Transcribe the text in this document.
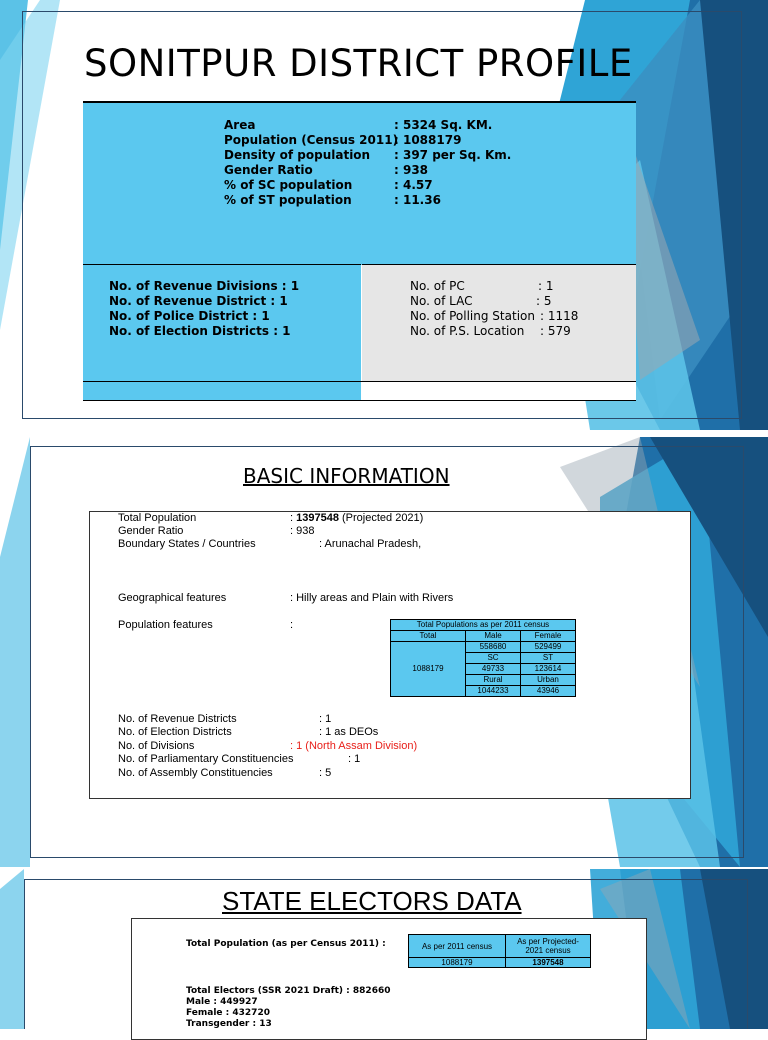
SONITPUR DISTRICT PROFILE
Area	: 5324 Sq. KM.
Population (Census 2011): 1088179
Density of population : 397 per Sq. Km.
Gender Ratio	: 938
% of SC population	: 4.57
% of ST population	: 11.36
No. of Revenue Divisions : 1
No. of Revenue District : 1
No. of Police District : 1
No. of Election Districts : 1
No. of PC	: 1
No. of LAC	: 5
No. of Polling Station : 1118
No. of P.S. Location : 579
BASIC INFORMATION
Total Population	: 1397548 (Projected 2021)
Gender Ratio	: 938
Boundary States / Countries	: Arunachal Pradesh,
Geographical features	: Hilly areas and Plain with Rivers
Population features	:	Total Populations as per 2011 census		
Total	Male	Female
1088179	558680	529499
	SC	ST
	49733	123614
	Rural	Urban
	1044233	43946
No. of Revenue Districts	: 1
No. of Election Districts	: 1 as DEOs
No. of Divisions	: 1 (North Assam Division)
No. of Parliamentary Constituencies	: 1
No. of Assembly Constituencies	: 5
STATE ELECTORS DATA
Total Population (as per Census 2011) :	As per 2011 census	As per Projected-2021 census
1088179	1397548
Total Electors (SSR 2021 Draft) : 882660
Male : 449927
Female : 432720
Transgender : 13
